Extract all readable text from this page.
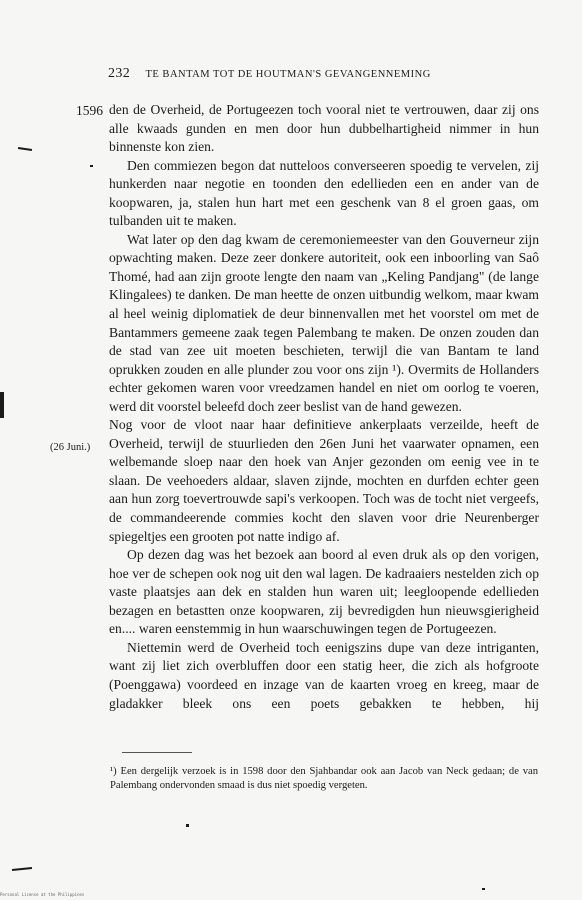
232 TE BANTAM TOT DE HOUTMAN'S GEVANGENNEMING
1596
(26 Juni.)

den de Overheid, de Portugeezen toch vooral niet te vertrouwen, daar zij ons alle kwaads gunden en men door hun dubbelhartigheid nimmer in hun binnenste kon zien.

Den commiezen begon dat nutteloos converseeren spoedig te vervelen, zij hunkerden naar negotie en toonden den edellieden een en ander van de koopwaren, ja, stalen hun hart met een geschenk van 8 el groen gaas, om tulbanden uit te maken.

Wat later op den dag kwam de ceremoniemeester van den Gouverneur zijn opwachting maken. Deze zeer donkere autoriteit, ook een inboorling van Saô Thomé, had aan zijn groote lengte den naam van „Keling Pandjang" (de lange Klingalees) te danken. De man heette de onzen uitbundig welkom, maar kwam al heel weinig diplomatiek de deur binnenvallen met het voorstel om met de Bantammers gemeene zaak tegen Palembang te maken. De onzen zouden dan de stad van zee uit moeten beschieten, terwijl die van Bantam te land oprukken zouden en alle plunder zou voor ons zijn ¹). Overmits de Hollanders echter gekomen waren voor vreedzamen handel en niet om oorlog te voeren, werd dit voorstel beleefd doch zeer beslist van de hand gewezen.

Nog voor de vloot naar haar definitieve ankerplaats verzeilde, heeft de Overheid, terwijl de stuurlieden den 26en Juni het vaarwater opnamen, een welbemande sloep naar den hoek van Anjer gezonden om eenig vee in te slaan. De veehoeders aldaar, slaven zijnde, mochten en durfden echter geen aan hun zorg toevertrouwde sapi's verkoopen. Toch was de tocht niet vergeefs, de commandeerende commies kocht den slaven voor drie Neurenberger spiegeltjes een grooten pot natte indigo af.

Op dezen dag was het bezoek aan boord al even druk als op den vorigen, hoe ver de schepen ook nog uit den wal lagen. De kadraaiers nestelden zich op vaste plaatsjes aan dek en stalden hun waren uit; leegloopende edellieden bezagen en betastten onze koopwaren, zij bevredigden hun nieuwsgierigheid en.... waren eenstemmig in hun waarschuwingen tegen de Portugeezen.

Niettemin werd de Overheid toch eenigszins dupe van deze intriganten, want zij liet zich overbluffen door een statig heer, die zich als hofgroote (Poenggawa) voordeed en inzage van de kaarten vroeg en kreeg, maar de gladakker bleek ons een poets gebakken te hebben, hij

¹) Een dergelijk verzoek is in 1598 door den Sjahbandar ook aan Jacob van Neck gedaan; de van Palembang ondervonden smaad is dus niet spoedig vergeten.
Personal License at the Philippines
